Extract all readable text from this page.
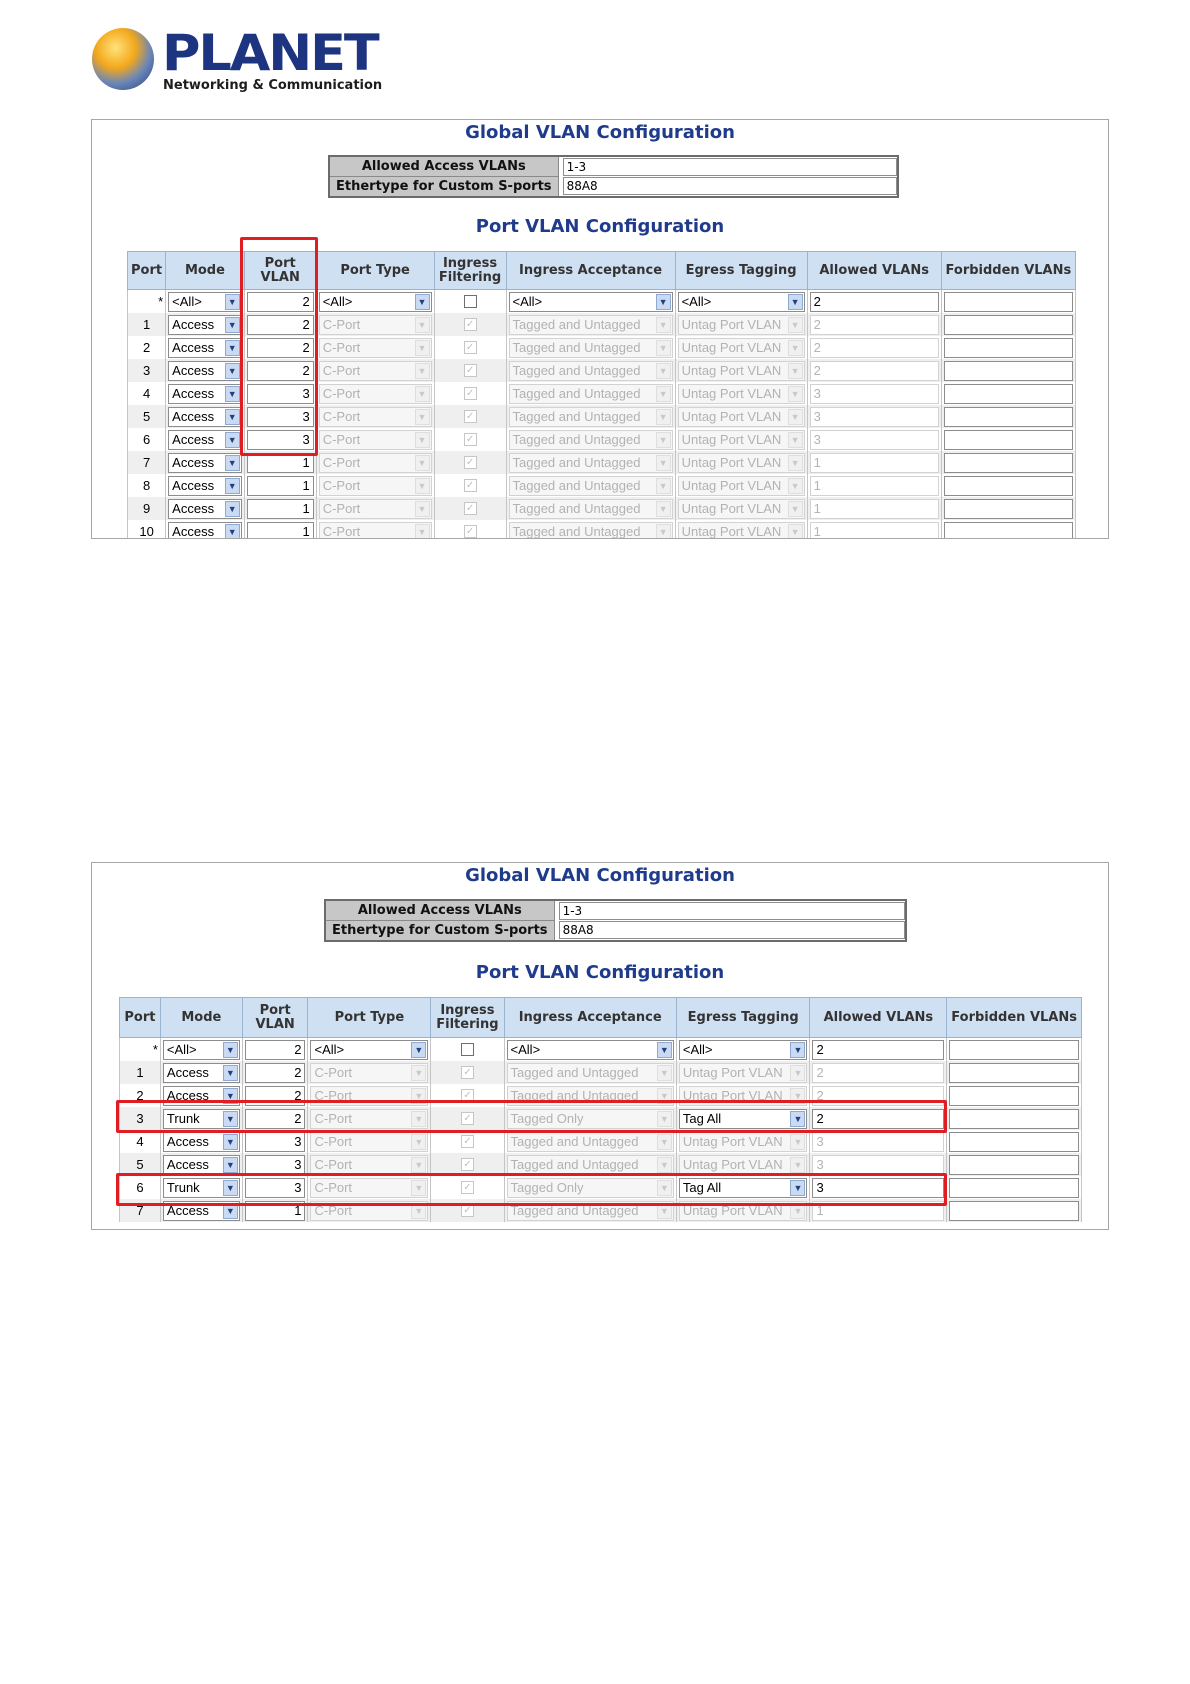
PLANET
Networking & Communication
Global VLAN Configuration
Allowed Access VLANs	1-3

Ethertype for Custom S-ports	88A8
Port VLAN Configuration
Port	Mode	Port VLAN	Port Type	Ingress Filtering	Ingress Acceptance	Egress Tagging	Allowed VLANs	Forbidden VLANs
*	<All> ▼	2	<All> ▼		<All> ▼	<All> ▼	2	

1	Access ▼	2	C-Port ▼	✓	Tagged and Untagged ▼	Untag Port VLAN ▼	2	

2	Access ▼	2	C-Port ▼	✓	Tagged and Untagged ▼	Untag Port VLAN ▼	2	

3	Access ▼	2	C-Port ▼	✓	Tagged and Untagged ▼	Untag Port VLAN ▼	2	

4	Access ▼	3	C-Port ▼	✓	Tagged and Untagged ▼	Untag Port VLAN ▼	3	

5	Access ▼	3	C-Port ▼	✓	Tagged and Untagged ▼	Untag Port VLAN ▼	3	

6	Access ▼	3	C-Port ▼	✓	Tagged and Untagged ▼	Untag Port VLAN ▼	3	

7	Access ▼	1	C-Port ▼	✓	Tagged and Untagged ▼	Untag Port VLAN ▼	1	

8	Access ▼	1	C-Port ▼	✓	Tagged and Untagged ▼	Untag Port VLAN ▼	1	

9	Access ▼	1	C-Port ▼	✓	Tagged and Untagged ▼	Untag Port VLAN ▼	1	

10	Access ▼	1	C-Port ▼	✓	Tagged and Untagged ▼	Untag Port VLAN ▼	1	

Global VLAN Configuration
Allowed Access VLANs	1-3

Ethertype for Custom S-ports	88A8
Port VLAN Configuration
Port	Mode	Port VLAN	Port Type	Ingress Filtering	Ingress Acceptance	Egress Tagging	Allowed VLANs	Forbidden VLANs
*	<All> ▼	2	<All> ▼		<All> ▼	<All> ▼	2	

1	Access ▼	2	C-Port ▼	✓	Tagged and Untagged ▼	Untag Port VLAN ▼	2	

2	Access ▼	2	C-Port ▼	✓	Tagged and Untagged ▼	Untag Port VLAN ▼	2	

3	Trunk ▼	2	C-Port ▼	✓	Tagged Only ▼	Tag All ▼	2	

4	Access ▼	3	C-Port ▼	✓	Tagged and Untagged ▼	Untag Port VLAN ▼	3	

5	Access ▼	3	C-Port ▼	✓	Tagged and Untagged ▼	Untag Port VLAN ▼	3	

6	Trunk ▼	3	C-Port ▼	✓	Tagged Only ▼	Tag All ▼	3	

7	Access ▼	1	C-Port ▼	✓	Tagged and Untagged ▼	Untag Port VLAN ▼	1	
